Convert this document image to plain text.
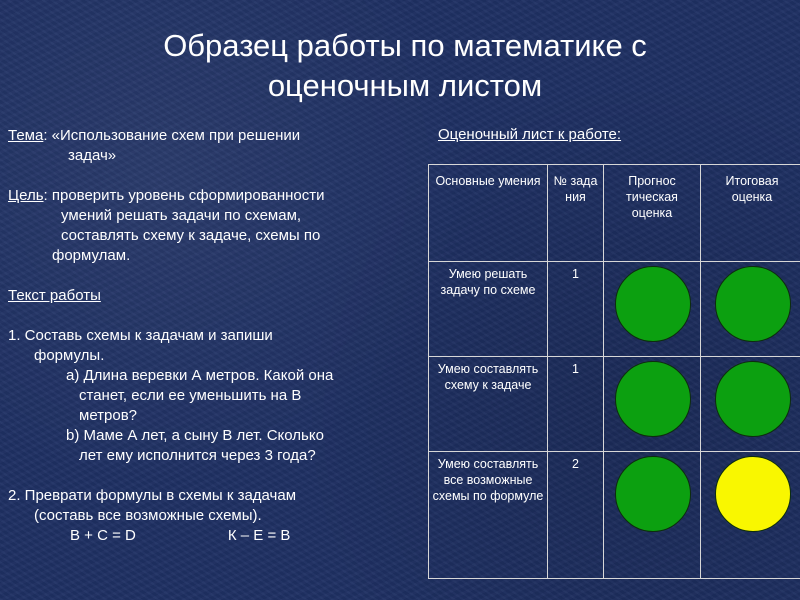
Образец работы по математике с
оценочным листом

Тема: «Использование схем при решении

задач»

Цель: проверить уровень сформированности

умений решать задачи по схемам,

составлять схему к задаче, схемы по

формулам.

Текст работы

1. Составь схемы к задачам и запиши

формулы.

а) Длина веревки А метров. Какой она

станет, если ее уменьшить на В

метров?

b) Маме А лет, а сыну В лет. Сколько

лет ему исполнится через 3 года?

2. Преврати формулы в схемы к задачам

(составь все возможные схемы).

В + С = D	К – Е = В

Оценочный лист к работе:
Основные умения	№ зада ния	Прогнос тическая оценка	Итоговая оценка
Умею решать задачу по схеме	1	

Умею составлять схему к задаче	1	

Умею составлять все возможные схемы по формуле	2	
